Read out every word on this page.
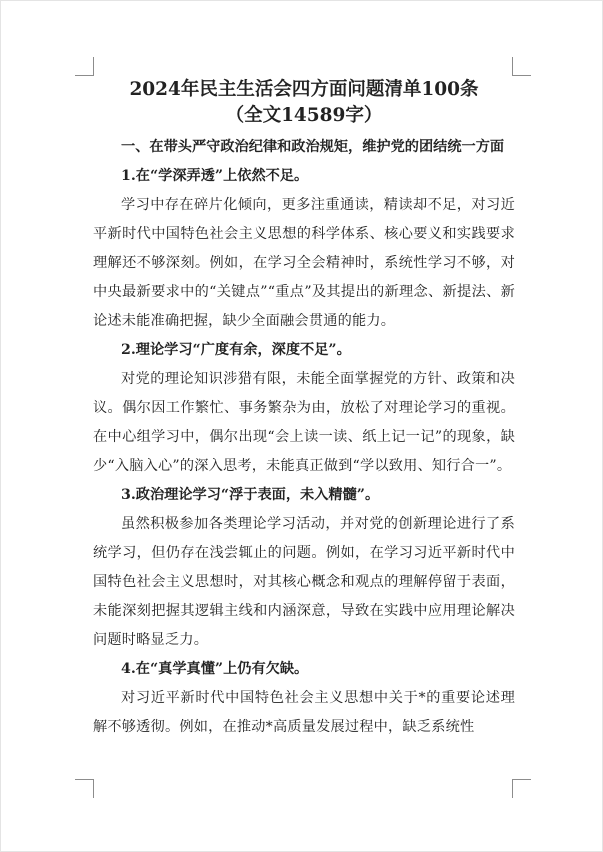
2024年民主生活会四方面问题清单100条

（全文14589字）

一、在带头严守政治纪律和政治规矩，维护党的团结统一方面

1.在“学深弄透”上依然不足。

学习中存在碎片化倾向，更多注重通读，精读却不足，对习近平新时代中国特色社会主义思想的科学体系、核心要义和实践要求理解还不够深刻。例如，在学习全会精神时，系统性学习不够，对中央最新要求中的“关键点”“重点”及其提出的新理念、新提法、新论述未能准确把握，缺少全面融会贯通的能力。

2.理论学习“广度有余，深度不足”。

对党的理论知识涉猎有限，未能全面掌握党的方针、政策和决议。偶尔因工作繁忙、事务繁杂为由，放松了对理论学习的重视。在中心组学习中，偶尔出现“会上读一读、纸上记一记”的现象，缺少“入脑入心”的深入思考，未能真正做到“学以致用、知行合一”。

3.政治理论学习“浮于表面，未入精髓”。

虽然积极参加各类理论学习活动，并对党的创新理论进行了系统学习，但仍存在浅尝辄止的问题。例如，在学习习近平新时代中国特色社会主义思想时，对其核心概念和观点的理解停留于表面，未能深刻把握其逻辑主线和内涵深意，导致在实践中应用理论解决问题时略显乏力。

4.在“真学真懂”上仍有欠缺。

对习近平新时代中国特色社会主义思想中关于*的重要论述理解不够透彻。例如，在推动*高质量发展过程中，缺乏系统性
